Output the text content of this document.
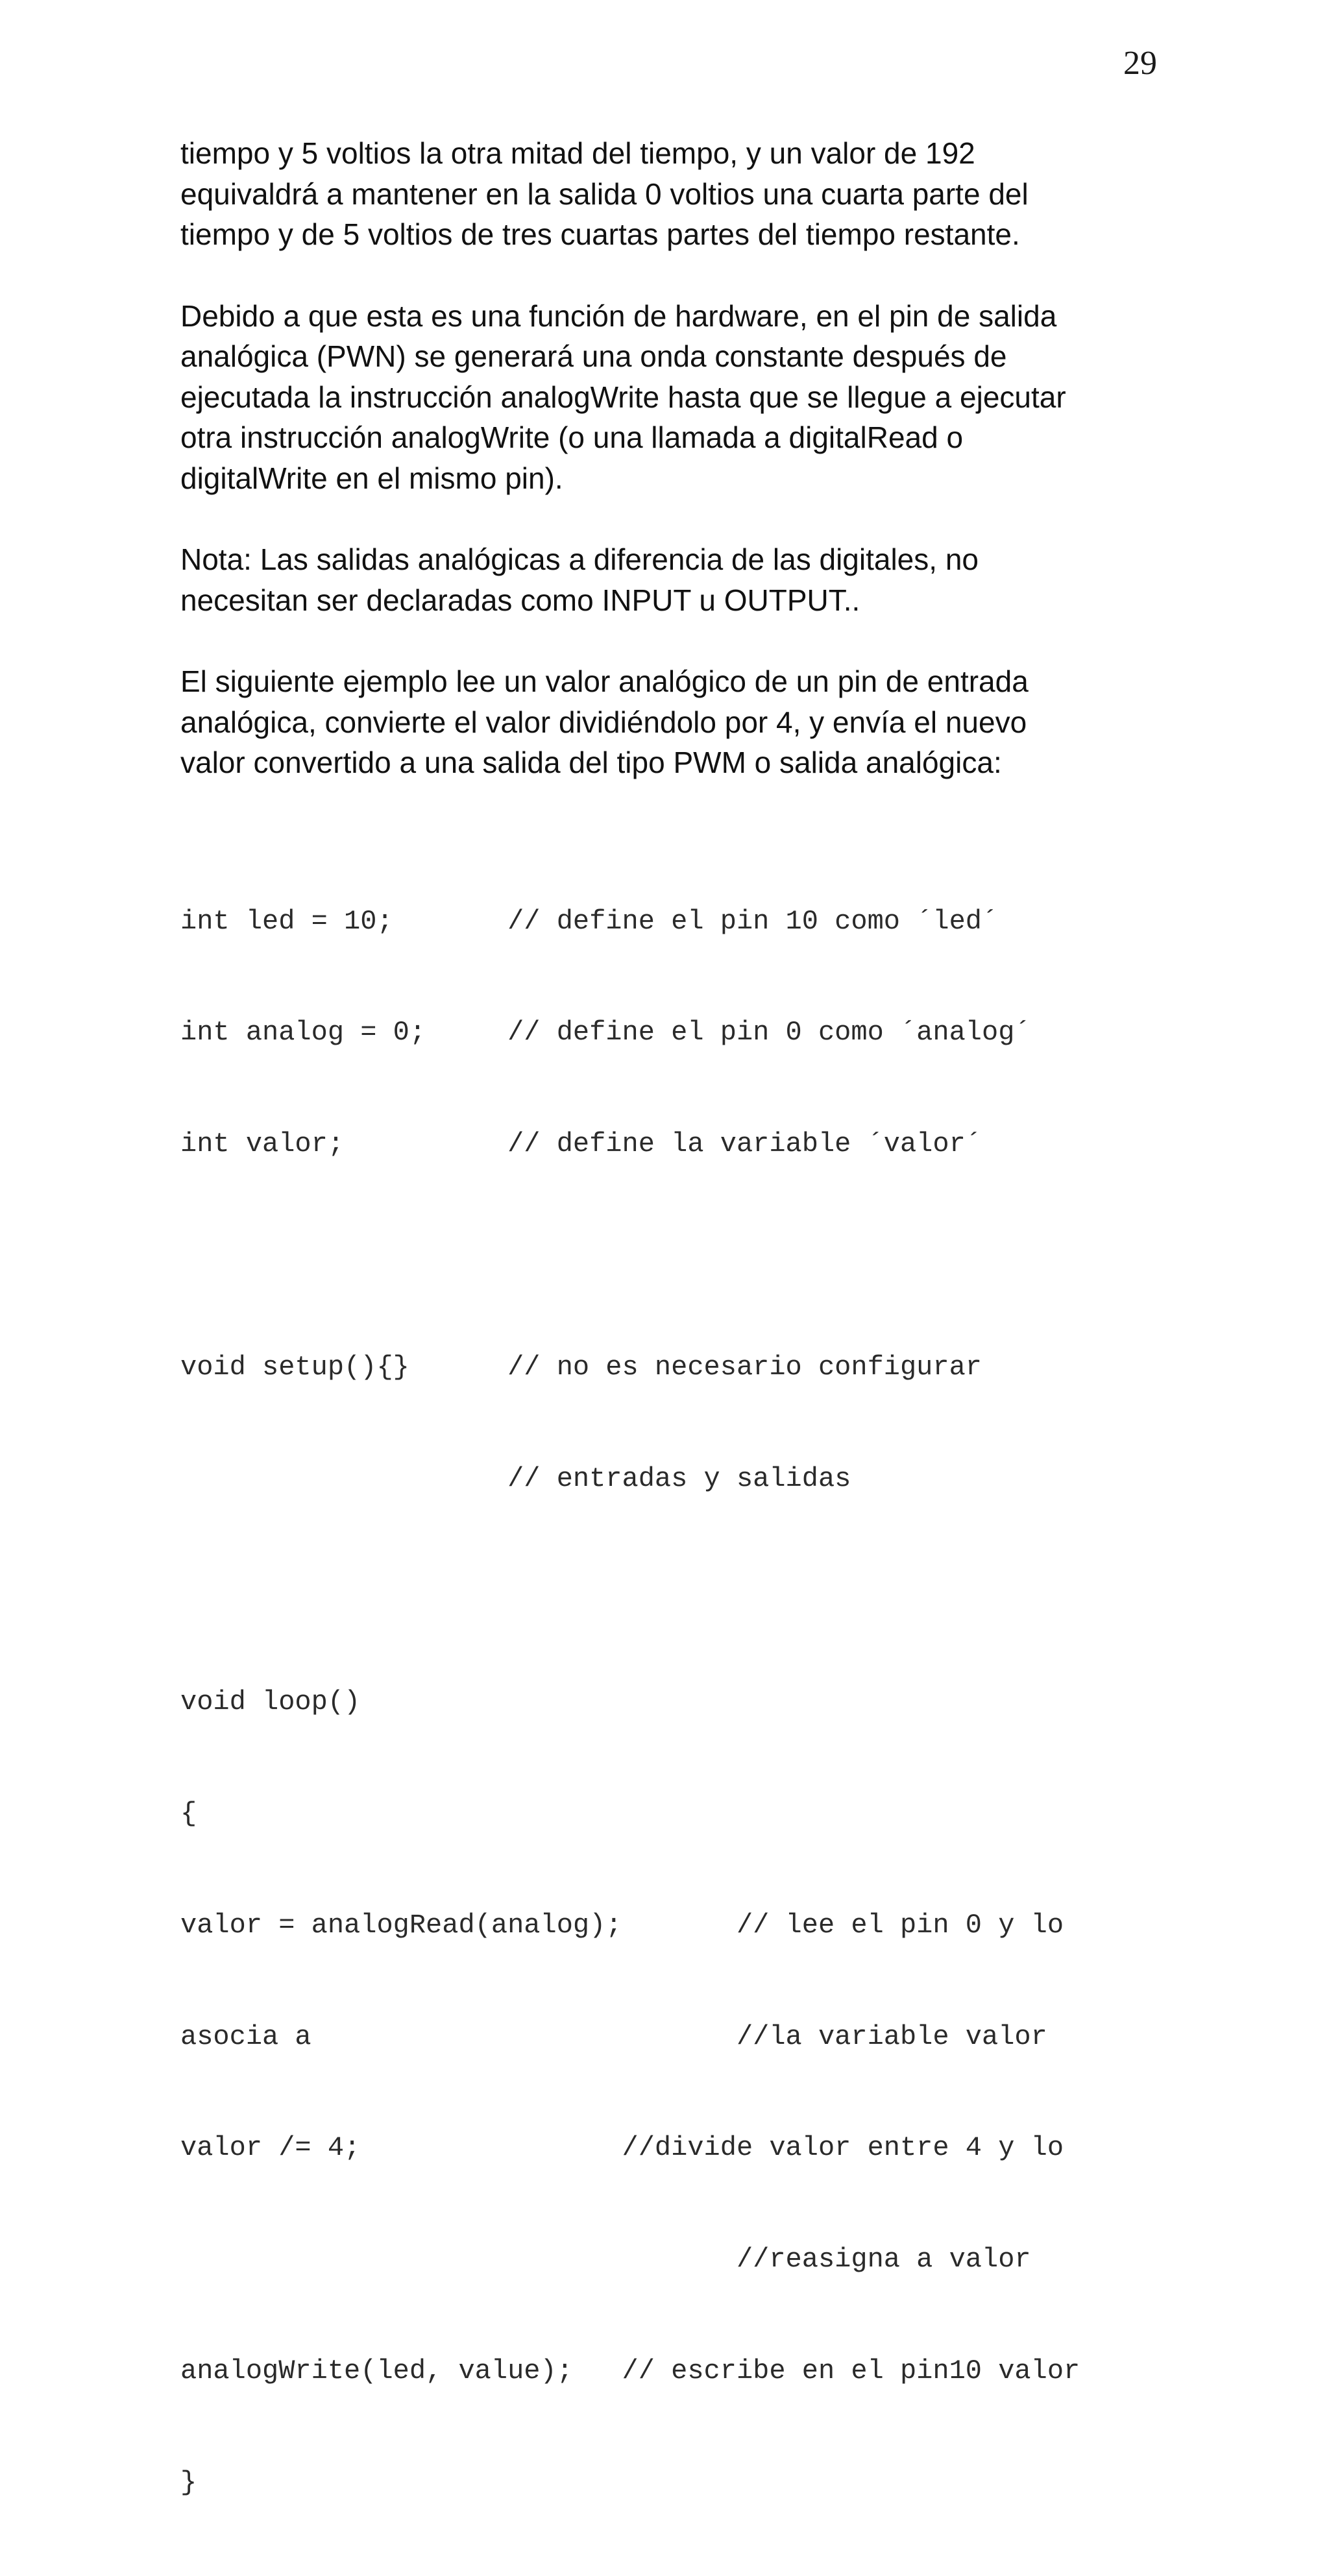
29

tiempo y 5 voltios la otra mitad del tiempo, y un valor de 192
equivaldrá a mantener en la salida 0 voltios una cuarta parte del
tiempo y de 5 voltios de tres cuartas partes del tiempo restante.

Debido a que esta es una función de hardware, en el pin de salida
analógica (PWN) se generará una onda constante después de
ejecutada la instrucción analogWrite hasta que se llegue a ejecutar
otra instrucción analogWrite (o una llamada a digitalRead o
digitalWrite en el mismo pin).

Nota: Las salidas analógicas a diferencia de las digitales, no
necesitan ser declaradas como INPUT u OUTPUT..

El siguiente ejemplo lee un valor analógico de un pin de entrada
analógica, convierte el valor dividiéndolo por 4, y envía el nuevo
valor convertido a una salida del tipo PWM o salida analógica:

int led = 10;       // define el pin 10 como ´led´

int analog = 0;     // define el pin 0 como ´analog´

int valor;          // define la variable ´valor´

void setup(){}      // no es necesario configurar

// entradas y salidas

void loop()

{

valor = analogRead(analog);       // lee el pin 0 y lo

asocia a                          //la variable valor

valor /= 4;                //divide valor entre 4 y lo

//reasigna a valor

analogWrite(led, value);   // escribe en el pin10 valor

}
